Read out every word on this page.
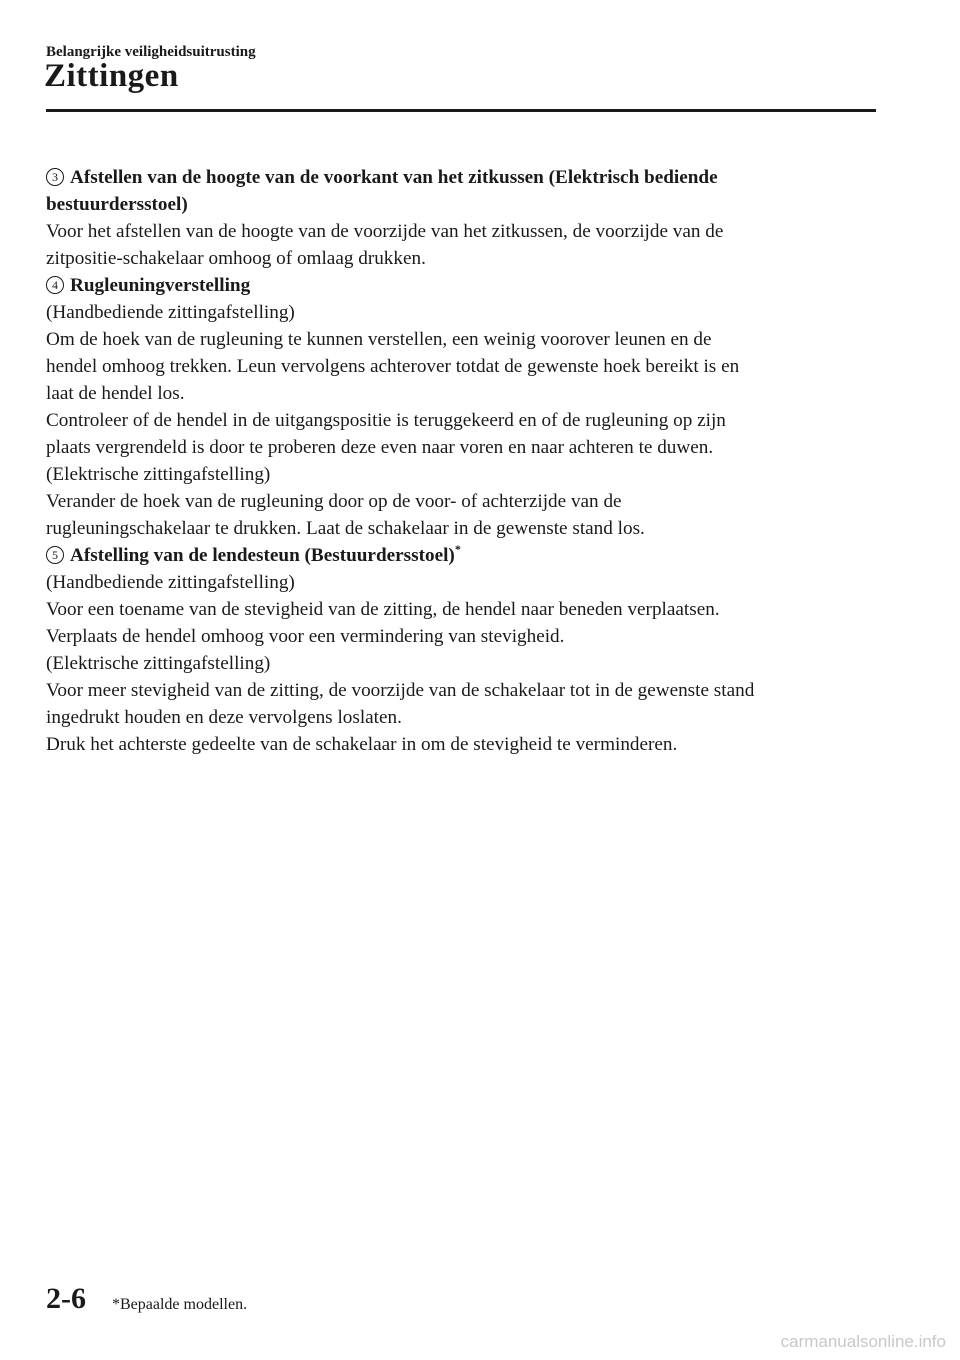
Belangrijke veiligheidsuitrusting
Zittingen
3 Afstellen van de hoogte van de voorkant van het zitkussen (Elektrisch bediende
bestuurdersstoel)
Voor het afstellen van de hoogte van de voorzijde van het zitkussen, de voorzijde van de
zitpositie-schakelaar omhoog of omlaag drukken.
4 Rugleuningverstelling
(Handbediende zittingafstelling)
Om de hoek van de rugleuning te kunnen verstellen, een weinig voorover leunen en de
hendel omhoog trekken. Leun vervolgens achterover totdat de gewenste hoek bereikt is en
laat de hendel los.
Controleer of de hendel in de uitgangspositie is teruggekeerd en of de rugleuning op zijn
plaats vergrendeld is door te proberen deze even naar voren en naar achteren te duwen.
(Elektrische zittingafstelling)
Verander de hoek van de rugleuning door op de voor- of achterzijde van de
rugleuningschakelaar te drukken. Laat de schakelaar in de gewenste stand los.
5 Afstelling van de lendesteun (Bestuurdersstoel)*
(Handbediende zittingafstelling)
Voor een toename van de stevigheid van de zitting, de hendel naar beneden verplaatsen.
Verplaats de hendel omhoog voor een vermindering van stevigheid.
(Elektrische zittingafstelling)
Voor meer stevigheid van de zitting, de voorzijde van de schakelaar tot in de gewenste stand
ingedrukt houden en deze vervolgens loslaten.
Druk het achterste gedeelte van de schakelaar in om de stevigheid te verminderen.
2-6 *Bepaalde modellen.
carmanualsonline.info
